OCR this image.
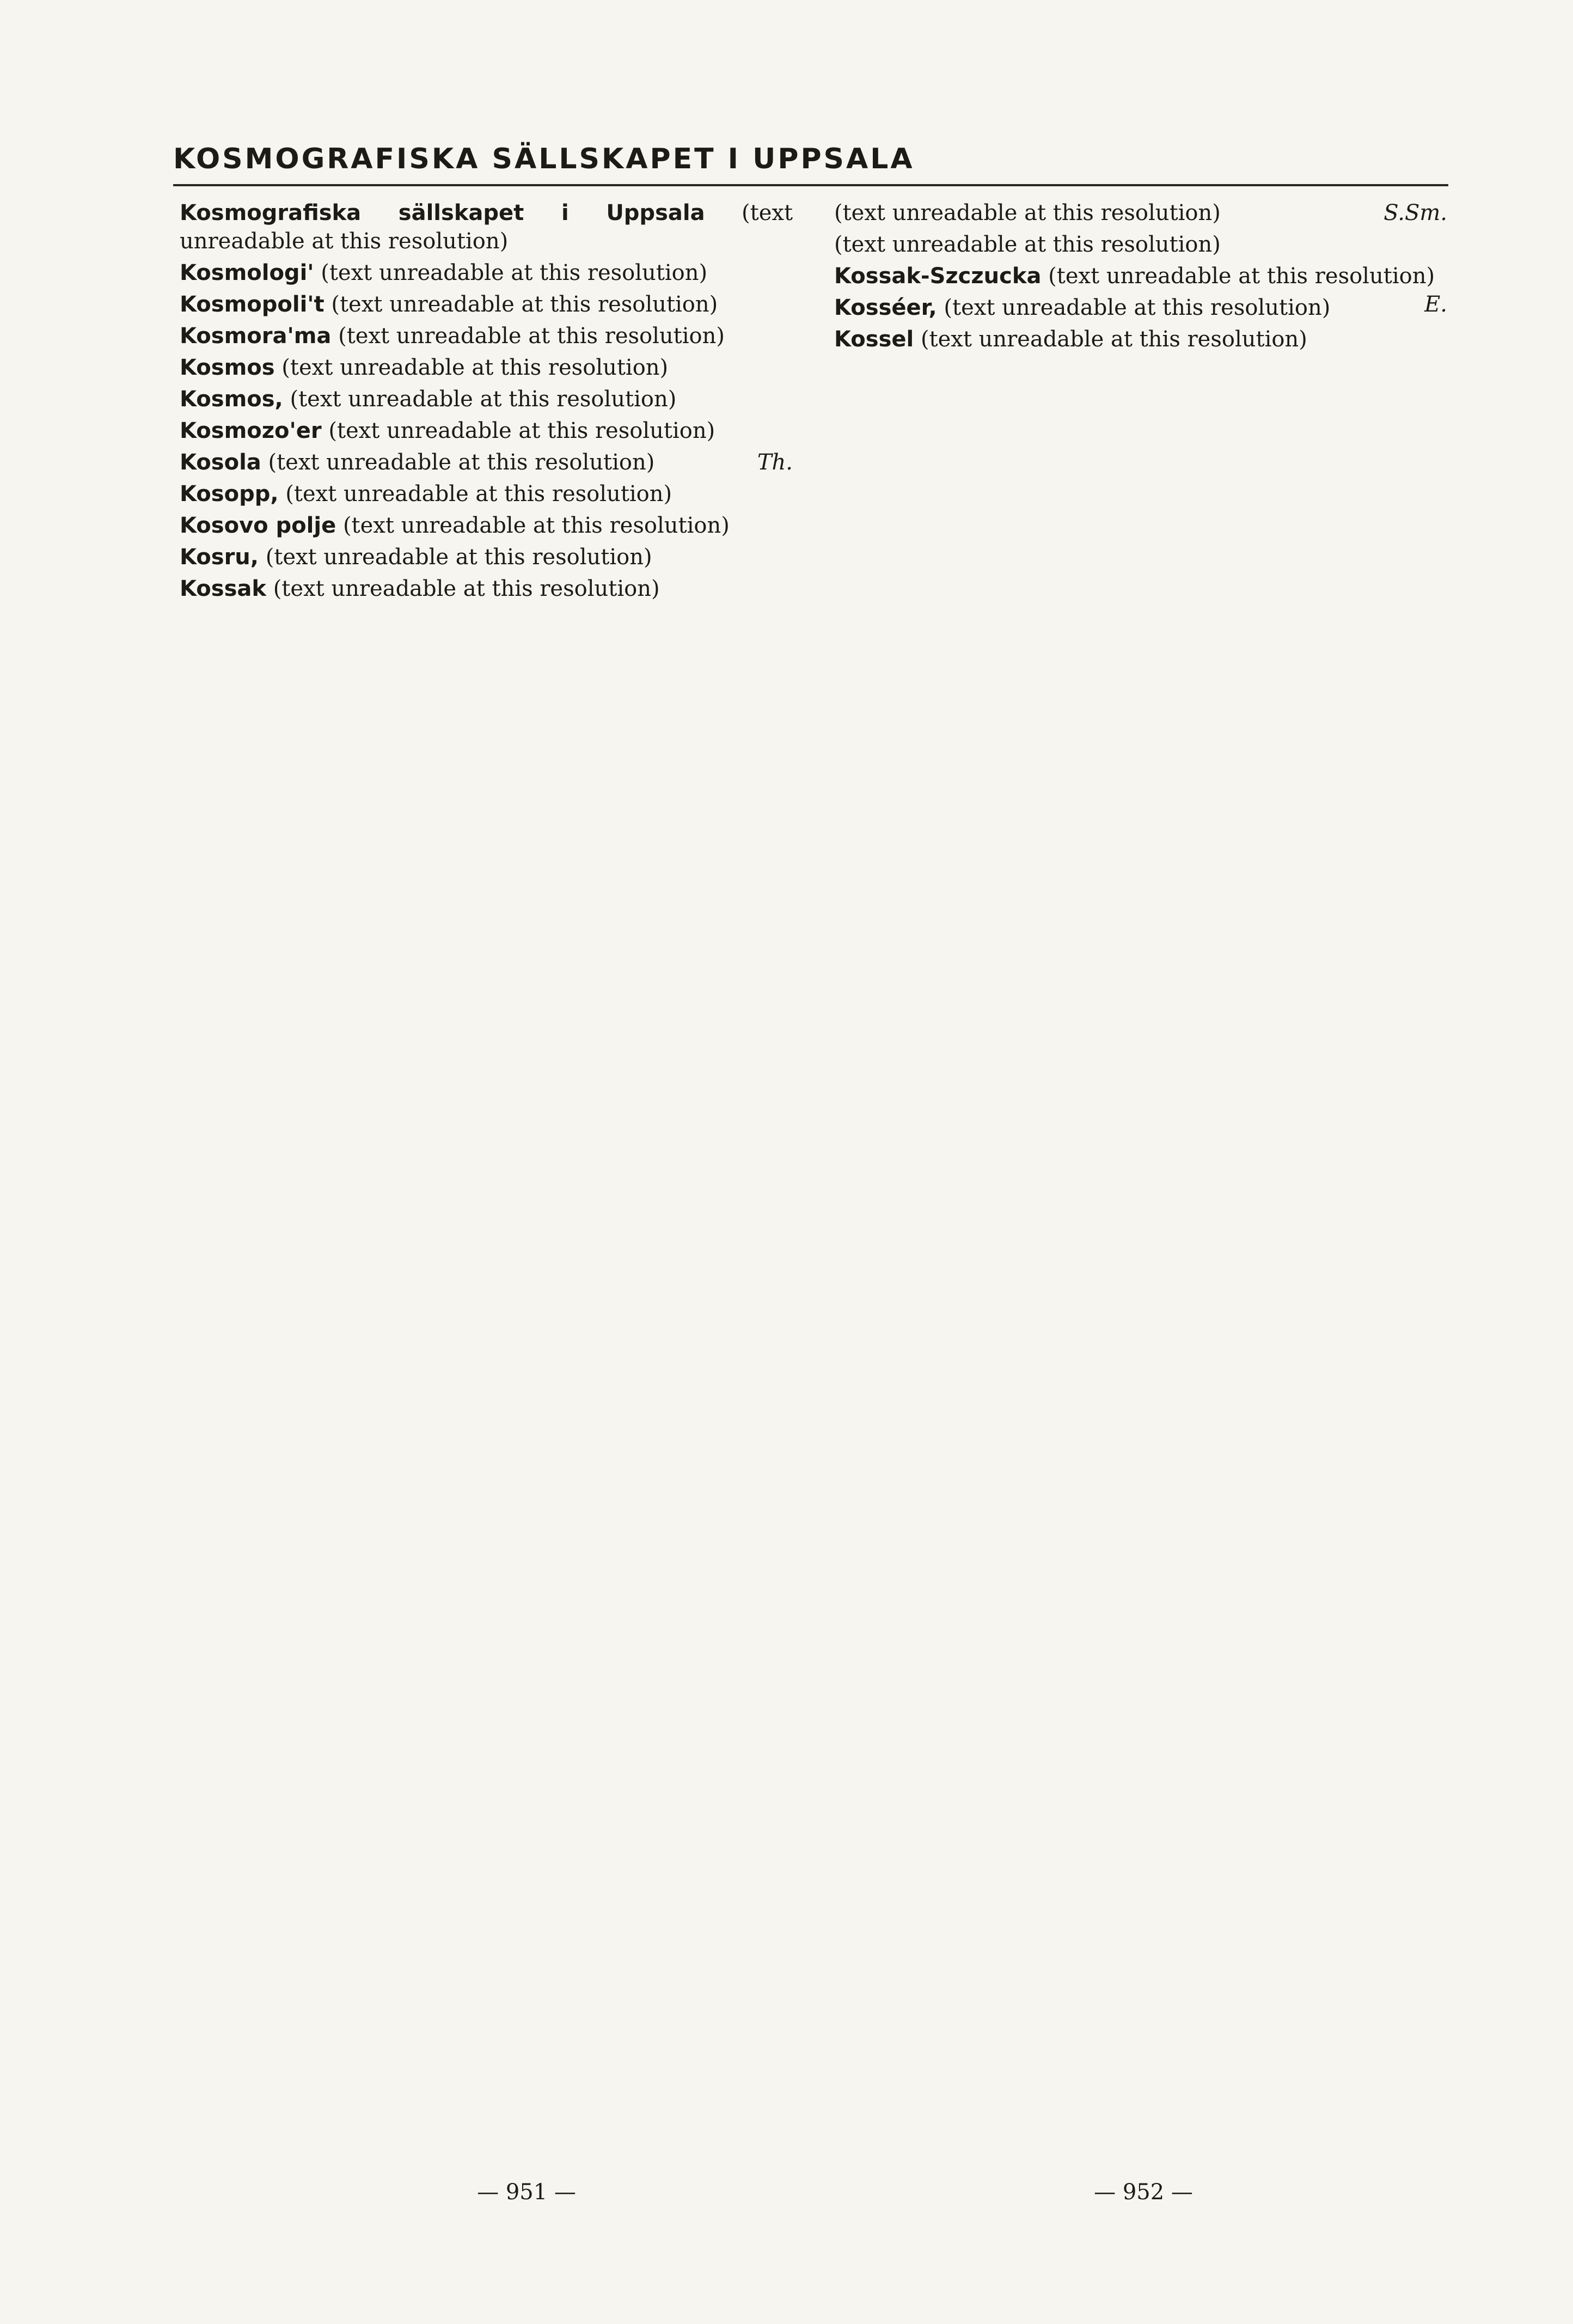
KOSMOGRAFISKA SÄLLSKAPET I UPPSALA

Kosmografiska sällskapet i Uppsala (text unreadable at this resolution)

Kosmologi' (text unreadable at this resolution)

Kosmopoli't (text unreadable at this resolution)

Kosmora'ma (text unreadable at this resolution)

Kosmos (text unreadable at this resolution)

Kosmos, (text unreadable at this resolution)

Kosmozo'er (text unreadable at this resolution)

Kosola (text unreadable at this resolution)	Th.

Kosopp, (text unreadable at this resolution)

Kosovo polje (text unreadable at this resolution)

Kosru, (text unreadable at this resolution)

Kossak (text unreadable at this resolution)

(text unreadable at this resolution)	S.Sm.

(text unreadable at this resolution)

Kossak-Szczucka (text unreadable at this resolution)
E.

Kosséer, (text unreadable at this resolution)

Kossel (text unreadable at this resolution)

— 951 —	— 952 —
